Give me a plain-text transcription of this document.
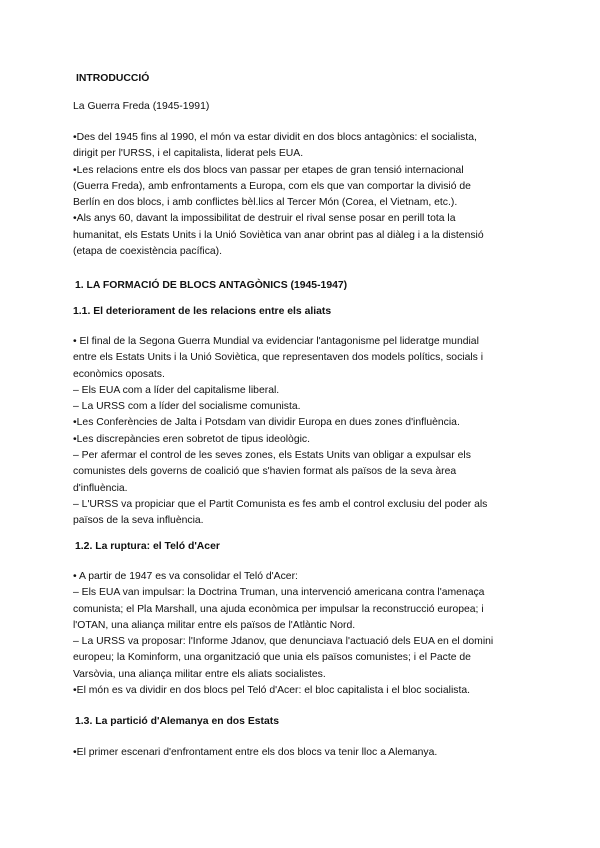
INTRODUCCIÓ
La Guerra Freda (1945-1991)
•Des del 1945 fins al 1990, el món va estar dividit en dos blocs antagònics: el socialista,
dirigit per l'URSS, i el capitalista, liderat pels EUA.
•Les relacions entre els dos blocs van passar per etapes de gran tensió internacional
(Guerra Freda), amb enfrontaments a Europa, com els que van comportar la divisió de
Berlín en dos blocs, i amb conflictes bèl.lics al Tercer Món (Corea, el Vietnam, etc.).
•Als anys 60, davant la impossibilitat de destruir el rival sense posar en perill tota la
humanitat, els Estats Units i la Unió Soviètica van anar obrint pas al diàleg i a la distensió
(etapa de coexistència pacífica).
1. LA FORMACIÓ DE BLOCS ANTAGÒNICS (1945-1947)
1.1. El deteriorament de les relacions entre els aliats
• El final de la Segona Guerra Mundial va evidenciar l'antagonisme pel lideratge mundial
entre els Estats Units i la Unió Soviètica, que representaven dos models polítics, socials i
econòmics oposats.
– Els EUA com a líder del capitalisme liberal.
– La URSS com a líder del socialisme comunista.
•Les Conferències de Jalta i Potsdam van dividir Europa en dues zones d'influència.
•Les discrepàncies eren sobretot de tipus ideològic.
– Per afermar el control de les seves zones, els Estats Units van obligar a expulsar els
comunistes dels governs de coalició que s'havien format als països de la seva àrea
d'influència.
– L'URSS va propiciar que el Partit Comunista es fes amb el control exclusiu del poder als
països de la seva influència.
1.2. La ruptura: el Teló d'Acer
• A partir de 1947 es va consolidar el Teló d'Acer:
– Els EUA van impulsar: la Doctrina Truman, una intervenció americana contra l'amenaça
comunista; el Pla Marshall, una ajuda econòmica per impulsar la reconstrucció europea; i
l'OTAN, una aliança militar entre els països de l'Atlàntic Nord.
– La URSS va proposar: l'Informe Jdanov, que denunciava l'actuació dels EUA en el domini
europeu; la Kominform, una organització que unia els països comunistes; i el Pacte de
Varsòvia, una aliança militar entre els aliats socialistes.
•El món es va dividir en dos blocs pel Teló d'Acer: el bloc capitalista i el bloc socialista.
1.3. La partició d'Alemanya en dos Estats
•El primer escenari d'enfrontament entre els dos blocs va tenir lloc a Alemanya.
